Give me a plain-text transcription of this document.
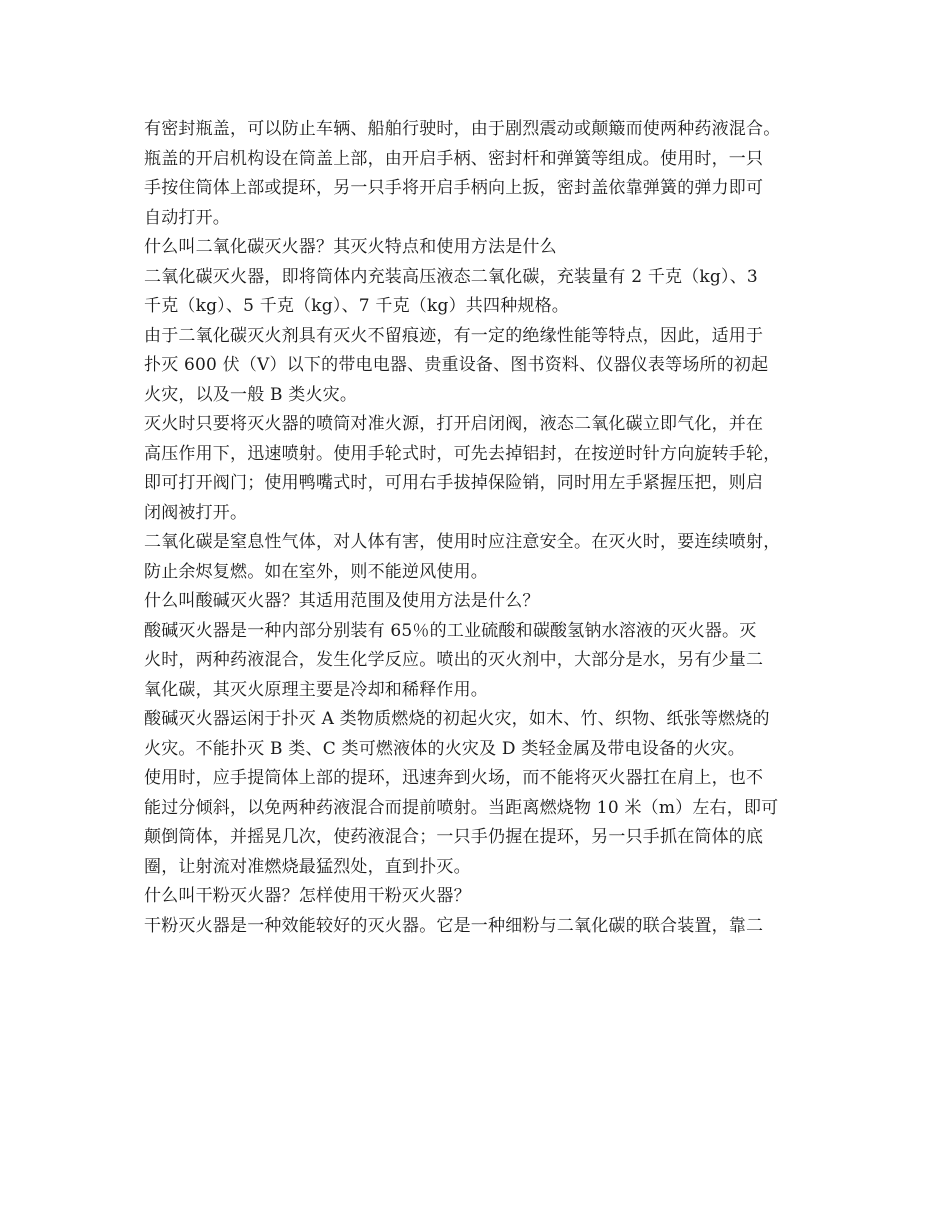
有密封瓶盖，可以防止车辆、船舶行驶时，由于剧烈震动或颠簸而使两种药液混合。
瓶盖的开启机构设在筒盖上部，由开启手柄、密封杆和弹簧等组成。使用时，一只
手按住筒体上部或提环，另一只手将开启手柄向上扳，密封盖依靠弹簧的弹力即可
自动打开。
什么叫二氧化碳灭火器？其灭火特点和使用方法是什么
二氧化碳灭火器，即将筒体内充装高压液态二氧化碳，充装量有 2 千克（kg）、3
千克（kg）、5 千克（kg）、7 千克（kg）共四种规格。
由于二氧化碳灭火剂具有灭火不留痕迹，有一定的绝缘性能等特点，因此，适用于
扑灭 600 伏（V）以下的带电电器、贵重设备、图书资料、仪器仪表等场所的初起
火灾，以及一般 B 类火灾。
灭火时只要将灭火器的喷筒对准火源，打开启闭阀，液态二氧化碳立即气化，并在
高压作用下，迅速喷射。使用手轮式时，可先去掉铝封，在按逆时针方向旋转手轮，
即可打开阀门；使用鸭嘴式时，可用右手拔掉保险销，同时用左手紧握压把，则启
闭阀被打开。
二氧化碳是窒息性气体，对人体有害，使用时应注意安全。在灭火时，要连续喷射，
防止余烬复燃。如在室外，则不能逆风使用。
什么叫酸碱灭火器？其适用范围及使用方法是什么？
酸碱灭火器是一种内部分别装有 65％的工业硫酸和碳酸氢钠水溶液的灭火器。灭
火时，两种药液混合，发生化学反应。喷出的灭火剂中，大部分是水，另有少量二
氧化碳，其灭火原理主要是冷却和稀释作用。
酸碱灭火器运闲于扑灭 A 类物质燃烧的初起火灾，如木、竹、织物、纸张等燃烧的
火灾。不能扑灭 B 类、C 类可燃液体的火灾及 D 类轻金属及带电设备的火灾。
使用时，应手提筒体上部的提环，迅速奔到火场，而不能将灭火器扛在肩上，也不
能过分倾斜，以免两种药液混合而提前喷射。当距离燃烧物 10 米（m）左右，即可
颠倒筒体，并摇晃几次，使药液混合；一只手仍握在提环，另一只手抓在筒体的底
圈，让射流对准燃烧最猛烈处，直到扑灭。
什么叫干粉灭火器？怎样使用干粉灭火器？
干粉灭火器是一种效能较好的灭火器。它是一种细粉与二氧化碳的联合装置，靠二
